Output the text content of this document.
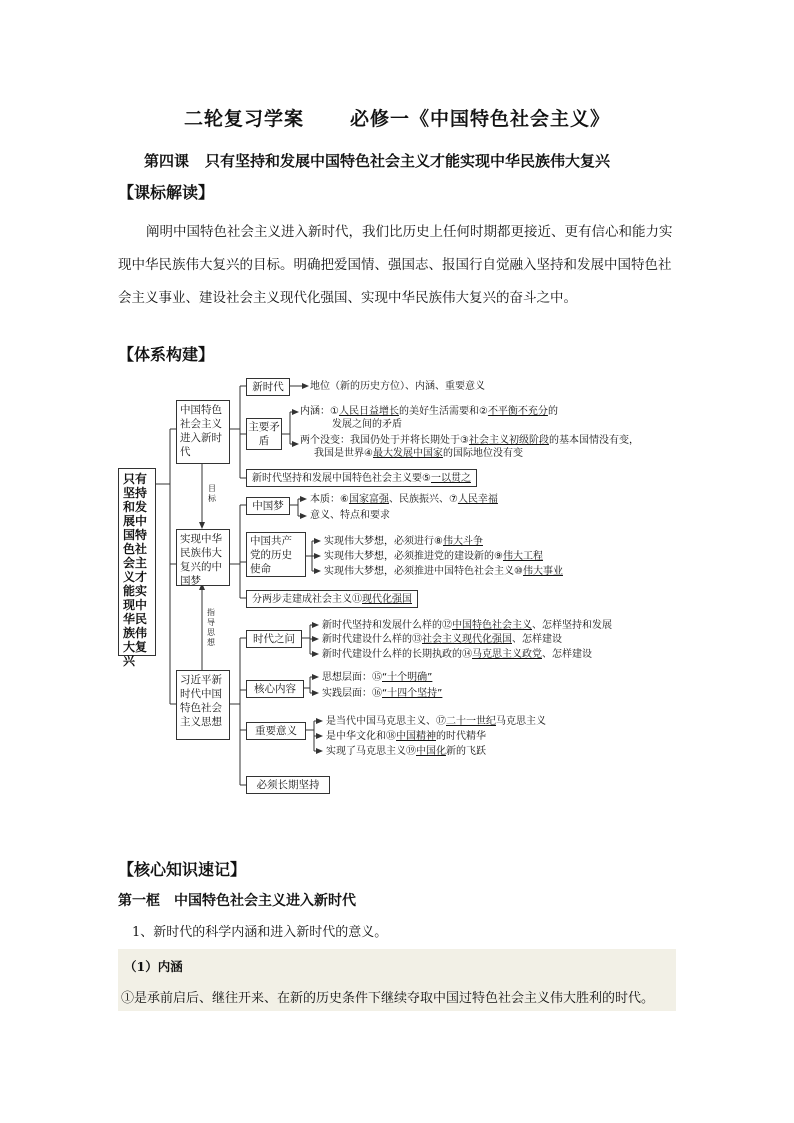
二轮复习学案 必修一《中国特色社会主义》
第四课 只有坚持和发展中国特色社会主义才能实现中华民族伟大复兴
【课标解读】
阐明中国特色社会主义进入新时代，我们比历史上任何时期都更接近、更有信心和能力实现中华民族伟大复兴的目标。明确把爱国情、强国志、报国行自觉融入坚持和发展中国特色社会主义事业、建设社会主义现代化强国、实现中华民族伟大复兴的奋斗之中。
【体系构建】
只有坚持和发展中国特色社会主义才能实现中华民族伟大复兴
中国特色社会主义进入新时代
实现中华民族伟大复兴的中国梦
习近平新时代中国特色社会主义思想
目标
指导思想
新时代	地位（新的历史方位）、内涵、重要意义
主要矛盾
内涵：①人民日益增长的美好生活需要和②不平衡不充分的
发展之间的矛盾
两个没变：我国仍处于并将长期处于③社会主义初级阶段的基本国情没有变，
我国是世界④最大发展中国家的国际地位没有变
新时代坚持和发展中国特色社会主义要⑤一以贯之
中国梦
本质：⑥国家富强、民族振兴、⑦人民幸福
意义、特点和要求
中国共产党的历史使命
实现伟大梦想，必须进行⑧伟大斗争
实现伟大梦想，必须推进党的建设新的⑨伟大工程
实现伟大梦想，必须推进中国特色社会主义⑩伟大事业
分两步走建成社会主义⑪现代化强国
时代之问
新时代坚持和发展什么样的⑫中国特色社会主义、怎样坚持和发展
新时代建设什么样的⑬社会主义现代化强国、怎样建设
新时代建设什么样的长期执政的⑭马克思主义政党、怎样建设
核心内容
思想层面：⑮“十个明确”
实践层面：⑯“十四个坚持”
重要意义
是当代中国马克思主义、⑰二十一世纪马克思主义
是中华文化和⑱中国精神的时代精华
实现了马克思主义⑲中国化新的飞跃
必须长期坚持
【核心知识速记】
第一框 中国特色社会主义进入新时代
1、新时代的科学内涵和进入新时代的意义。
（1）内涵
①是承前启后、继往开来、在新的历史条件下继续夺取中国过特色社会主义伟大胜利的时代。
